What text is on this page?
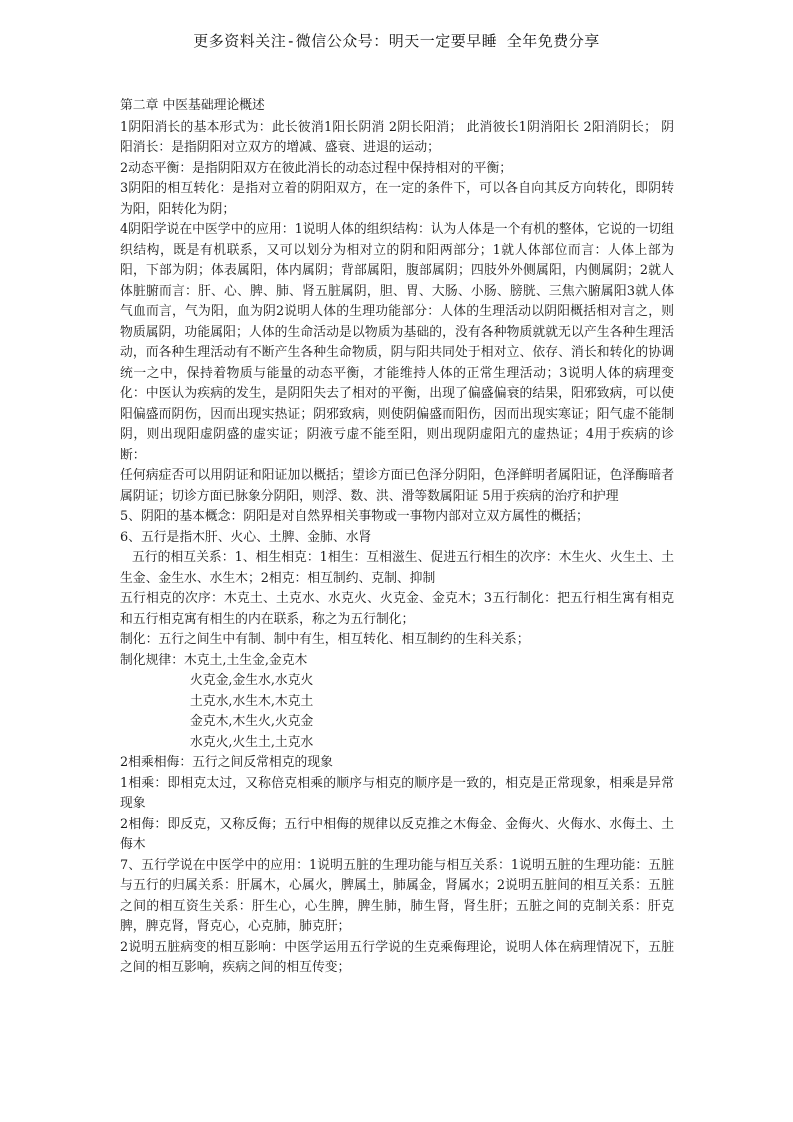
更多资料关注-微信公众号：明天一定要早睡 全年免费分享

第二章 中医基础理论概述

1阴阳消长的基本形式为：此长彼消1阳长阴消 2阴长阳消； 此消彼长1阴消阳长 2阳消阴长； 阴阳消长：是指阴阳对立双方的增减、盛衰、进退的运动；

2动态平衡：是指阴阳双方在彼此消长的动态过程中保持相对的平衡；

3阴阳的相互转化：是指对立着的阴阳双方，在一定的条件下，可以各自向其反方向转化，即阴转为阳，阳转化为阴；

4阴阳学说在中医学中的应用：1说明人体的组织结构：认为人体是一个有机的整体，它说的一切组织结构，既是有机联系，又可以划分为相对立的阴和阳两部分；1就人体部位而言：人体上部为阳，下部为阴；体表属阳，体内属阴；背部属阳，腹部属阴；四肢外外侧属阳，内侧属阴；2就人体脏腑而言：肝、心、脾、肺、肾五脏属阴，胆、胃、大肠、小肠、膀胱、三焦六腑属阳3就人体气血而言，气为阳，血为阴2说明人体的生理功能部分：人体的生理活动以阴阳概括相对言之，则物质属阴，功能属阳；人体的生命活动是以物质为基础的，没有各种物质就就无以产生各种生理活动，而各种生理活动有不断产生各种生命物质，阴与阳共同处于相对立、依存、消长和转化的协调统一之中，保持着物质与能量的动态平衡，才能维持人体的正常生理活动；3说明人体的病理变化：中医认为疾病的发生，是阴阳失去了相对的平衡，出现了偏盛偏衰的结果，阳邪致病，可以使阳偏盛而阴伤，因而出现实热证；阴邪致病，则使阴偏盛而阳伤，因而出现实寒证；阳气虚不能制阴，则出现阳虚阴盛的虚实证；阴液亏虚不能至阳，则出现阴虚阳亢的虚热证；4用于疾病的诊断：

任何病症否可以用阴证和阳证加以概括；望诊方面已色泽分阴阳，色泽鲜明者属阳证，色泽酶暗者属阴证；切诊方面已脉象分阴阳，则浮、数、洪、滑等数属阳证 5用于疾病的治疗和护理

5、阴阳的基本概念：阴阳是对自然界相关事物或一事物内部对立双方属性的概括；

6、五行是指木肝、火心、土脾、金肺、水肾

五行的相互关系：1、相生相克：1相生：互相滋生、促进五行相生的次序：木生火、火生土、土生金、金生水、水生木；2相克：相互制约、克制、抑制

五行相克的次序：木克土、土克水、水克火、火克金、金克木；3五行制化：把五行相生寓有相克和五行相克寓有相生的内在联系，称之为五行制化；

制化：五行之间生中有制、制中有生，相互转化、相互制约的生科关系；

制化规律： 木克土,土生金,金克木

火克金,金生水,水克火

土克水,水生木,木克土

金克木,木生火,火克金

水克火,火生土,土克水

2相乘相侮：五行之间反常相克的现象

1相乘：即相克太过，又称倍克相乘的顺序与相克的顺序是一致的，相克是正常现象，相乘是异常现象

2相侮：即反克，又称反侮；五行中相侮的规律以反克推之木侮金、金侮火、火侮水、水侮土、土侮木

7、五行学说在中医学中的应用：1说明五脏的生理功能与相互关系：1说明五脏的生理功能：五脏与五行的归属关系：肝属木，心属火，脾属土，肺属金，肾属水；2说明五脏间的相互关系：五脏之间的相互资生关系：肝生心，心生脾，脾生肺，肺生肾，肾生肝；五脏之间的克制关系：肝克脾，脾克肾，肾克心，心克肺，肺克肝；

2说明五脏病变的相互影响：中医学运用五行学说的生克乘侮理论，说明人体在病理情况下，五脏之间的相互影响，疾病之间的相互传变；
